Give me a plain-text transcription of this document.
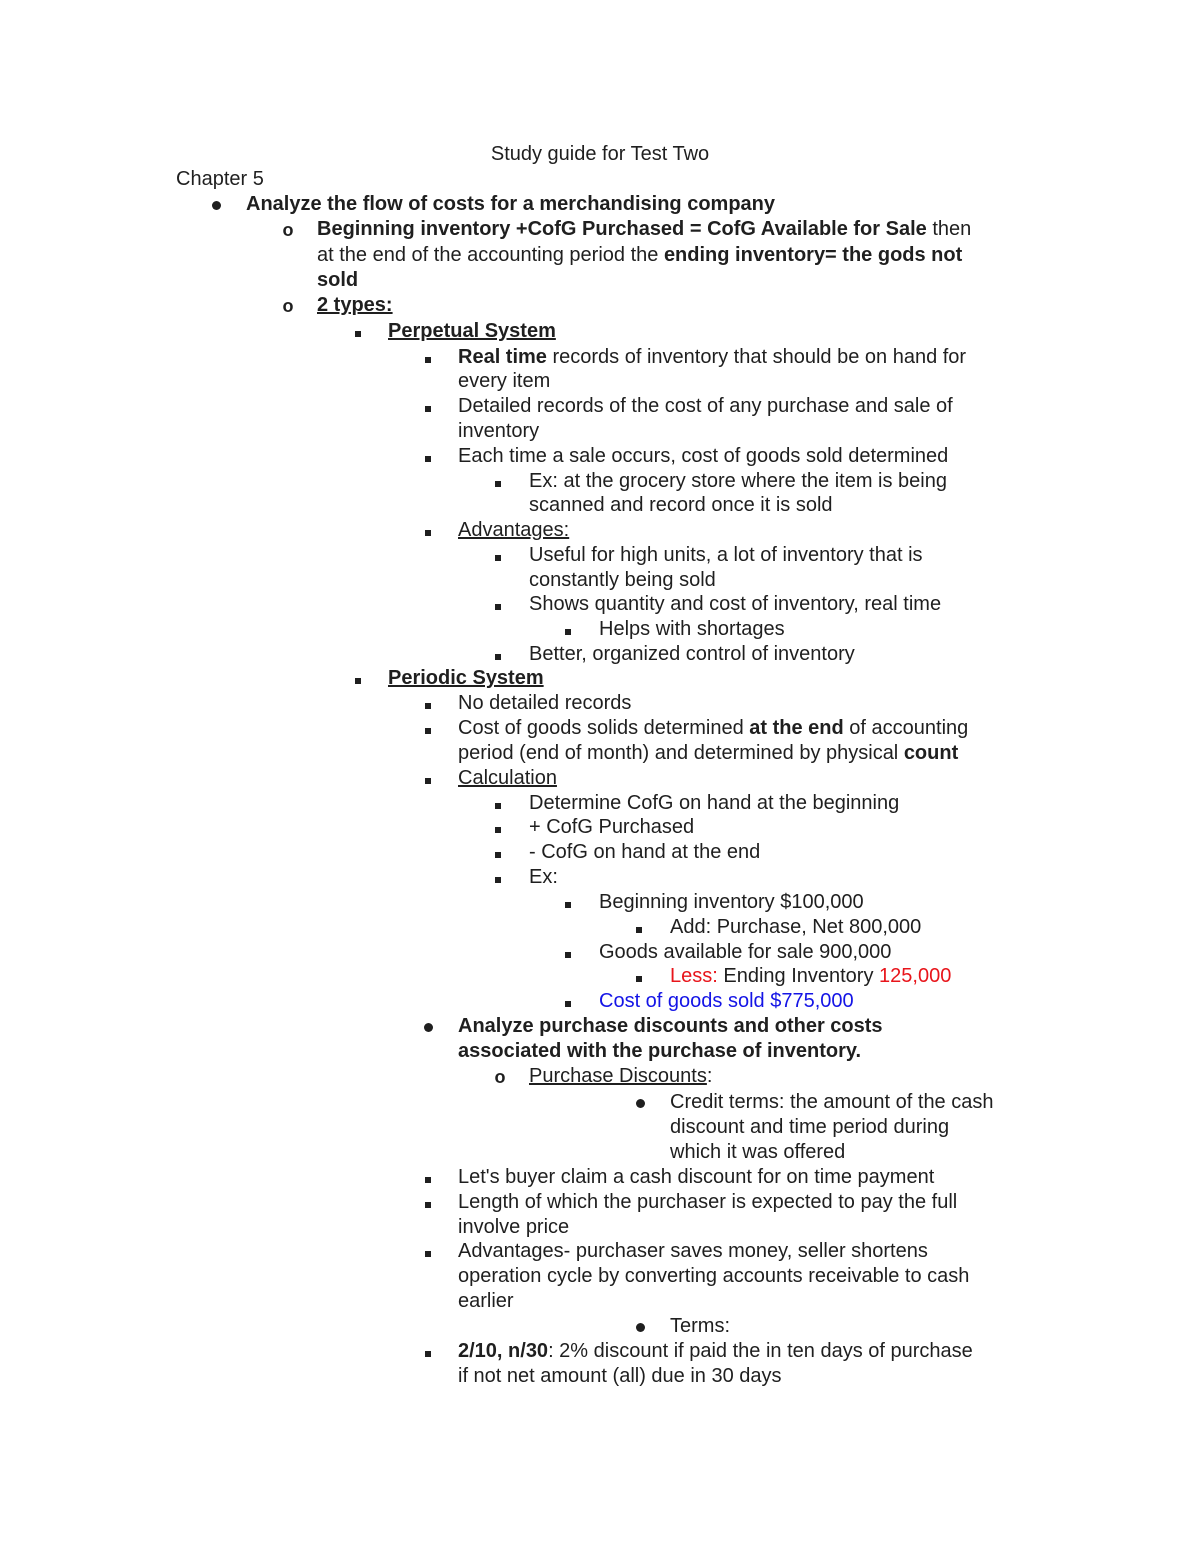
Study guide for Test Two
Chapter 5
Analyze the flow of costs for a merchandising company
o Beginning inventory +CofG Purchased = CofG Available for Sale then
at the end of the accounting period the ending inventory= the gods not
sold
o 2 types:
Perpetual System
Real time records of inventory that should be on hand for
every item
Detailed records of the cost of any purchase and sale of
inventory
Each time a sale occurs, cost of goods sold determined
Ex: at the grocery store where the item is being
scanned and record once it is sold
Advantages:
Useful for high units, a lot of inventory that is
constantly being sold
Shows quantity and cost of inventory, real time
Helps with shortages
Better, organized control of inventory
Periodic System
No detailed records
Cost of goods solids determined at the end of accounting
period (end of month) and determined by physical count
Calculation
Determine CofG on hand at the beginning
+ CofG Purchased
- CofG on hand at the end
Ex:
Beginning inventory $100,000
Add: Purchase, Net 800,000
Goods available for sale 900,000
Less: Ending Inventory 125,000
Cost of goods sold $775,000
Analyze purchase discounts and other costs
associated with the purchase of inventory.
o Purchase Discounts:
Credit terms: the amount of the cash
discount and time period during
which it was offered
Let's buyer claim a cash discount for on time payment
Length of which the purchaser is expected to pay the full
involve price
Advantages- purchaser saves money, seller shortens
operation cycle by converting accounts receivable to cash
earlier
Terms:
2/10, n/30: 2% discount if paid the in ten days of purchase
if not net amount (all) due in 30 days
